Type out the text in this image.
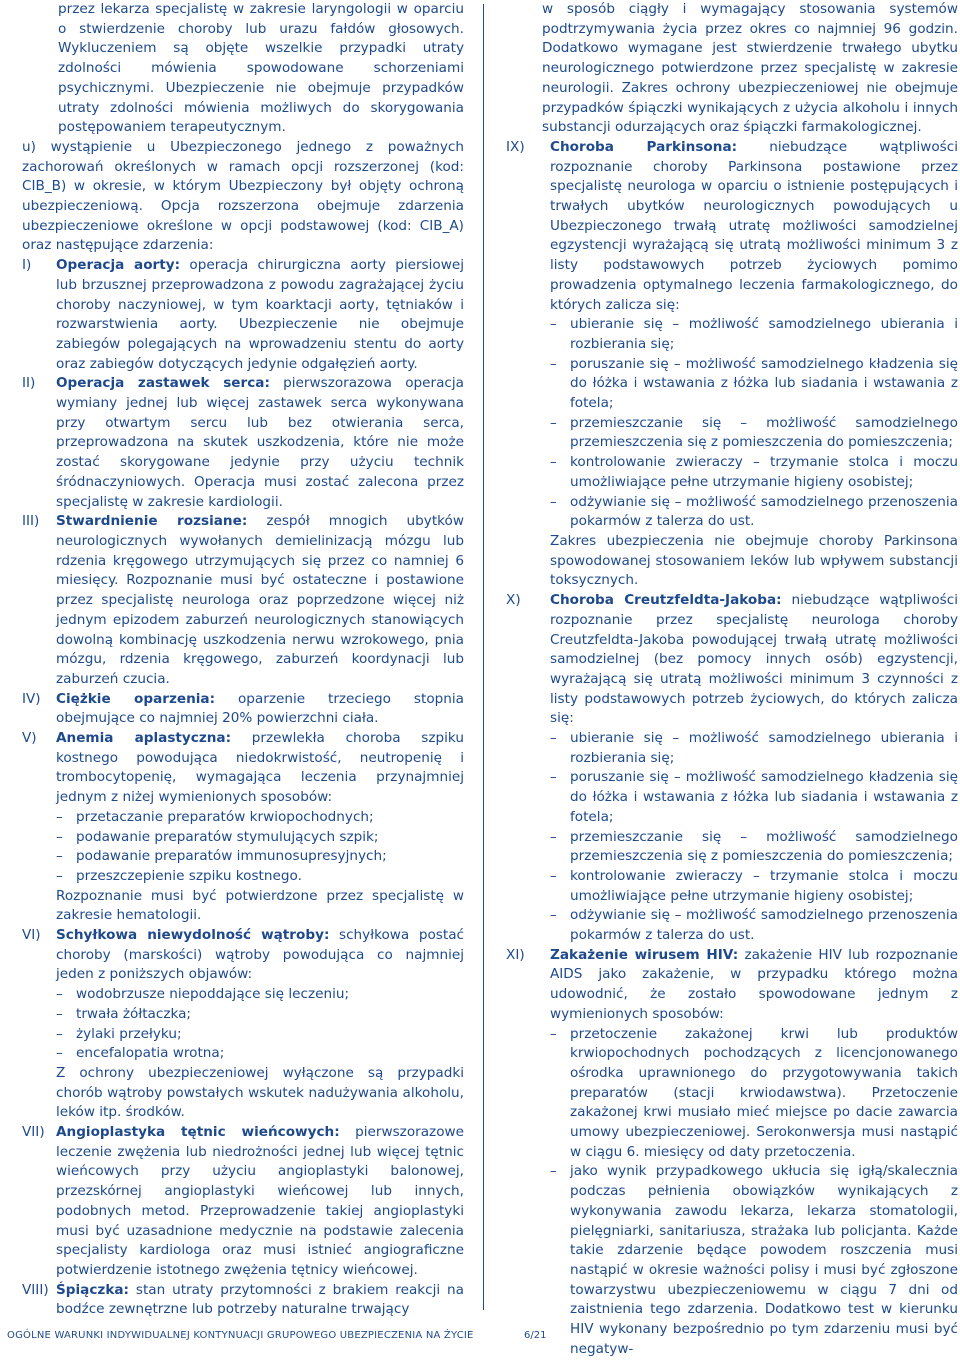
przez lekarza specjalistę w zakresie laryngologii w oparciu o stwierdzenie choroby lub urazu fałdów głosowych. Wykluczeniem są objęte wszelkie przypadki utraty zdolności mówienia spowodowane schorzeniami psychicznymi. Ubezpieczenie nie obejmuje przypadków utraty zdolności mówienia możliwych do skorygowania postępowaniem terapeutycznym.

u) wystąpienie u Ubezpieczonego jednego z poważnych zachorowań określonych w ramach opcji rozszerzonej (kod: CIB_B) w okresie, w którym Ubezpieczony był objęty ochroną ubezpieczeniową. Opcja rozszerzona obejmuje zdarzenia ubezpieczeniowe określone w opcji podstawowej (kod: CIB_A) oraz następujące zdarzenia:

I) Operacja aorty: operacja chirurgiczna aorty piersiowej lub brzusznej przeprowadzona z powodu zagrażającej życiu choroby naczyniowej, w tym koarktacji aorty, tętniaków i rozwarstwienia aorty. Ubezpieczenie nie obejmuje zabiegów polegających na wprowadzeniu stentu do aorty oraz zabiegów dotyczących jedynie odgałęzień aorty.

II) Operacja zastawek serca: pierwszorazowa operacja wymiany jednej lub więcej zastawek serca wykonywana przy otwartym sercu lub bez otwierania serca, przeprowadzona na skutek uszkodzenia, które nie może zostać skorygowane jedynie przy użyciu technik śródnaczyniowych. Operacja musi zostać zalecona przez specjalistę w zakresie kardiologii.

III) Stwardnienie rozsiane: zespół mnogich ubytków neurologicznych wywołanych demielinizacją mózgu lub rdzenia kręgowego utrzymujących się przez co namniej 6 miesięcy. Rozpoznanie musi być ostateczne i postawione przez specjalistę neurologa oraz poprzedzone więcej niż jednym epizodem zaburzeń neurologicznych stanowiących dowolną kombinację uszkodzenia nerwu wzrokowego, pnia mózgu, rdzenia kręgowego, zaburzeń koordynacji lub zaburzeń czucia.

IV) Ciężkie oparzenia: oparzenie trzeciego stopnia obejmujące co najmniej 20% powierzchni ciała.

V) Anemia aplastyczna: przewlekła choroba szpiku kostnego powodująca niedokrwistość, neutropenię i trombocytopenię, wymagająca leczenia przynajmniej jednym z niżej wymienionych sposobów:

– przetaczanie preparatów krwiopochodnych;
– podawanie preparatów stymulujących szpik;
– podawanie preparatów immunosupresyjnych;
– przeszczepienie szpiku kostnego.

Rozpoznanie musi być potwierdzone przez specjalistę w zakresie hematologii.

VI) Schyłkowa niewydolność wątroby: schyłkowa postać choroby (marskości) wątroby powodująca co najmniej jeden z poniższych objawów:

– wodobrzusze niepoddające się leczeniu;
– trwała żółtaczka;
– żylaki przełyku;
– encefalopatia wrotna;

Z ochrony ubezpieczeniowej wyłączone są przypadki chorób wątroby powstałych wskutek nadużywania alkoholu, leków itp. środków.

VII) Angioplastyka tętnic wieńcowych: pierwszorazowe leczenie zwężenia lub niedrożności jednej lub więcej tętnic wieńcowych przy użyciu angioplastyki balonowej, przezskórnej angioplastyki wieńcowej lub innych, podobnych metod. Przeprowadzenie takiej angioplastyki musi być uzasadnione medycznie na podstawie zalecenia specjalisty kardiologa oraz musi istnieć angiograficzne potwierdzenie istotnego zwężenia tętnicy wieńcowej.

VIII) Śpiączka: stan utraty przytomności z brakiem reakcji na bodźce zewnętrzne lub potrzeby naturalne trwający

w sposób ciągły i wymagający stosowania systemów podtrzymywania życia przez okres co najmniej 96 godzin. Dodatkowo wymagane jest stwierdzenie trwałego ubytku neurologicznego potwierdzone przez specjalistę w zakresie neurologii. Zakres ochrony ubezpieczeniowej nie obejmuje przypadków śpiączki wynikających z użycia alkoholu i innych substancji odurzających oraz śpiączki farmakologicznej.

IX) Choroba Parkinsona: niebudzące wątpliwości rozpoznanie choroby Parkinsona postawione przez specjalistę neurologa w oparciu o istnienie postępujących i trwałych ubytków neurologicznych powodujących u Ubezpieczonego trwałą utratę możliwości samodzielnej egzystencji wyrażającą się utratą możliwości minimum 3 z listy podstawowych potrzeb życiowych pomimo prowadzenia optymalnego leczenia farmakologicznego, do których zalicza się:

– ubieranie się – możliwość samodzielnego ubierania i rozbierania się;
– poruszanie się – możliwość samodzielnego kładzenia się do łóżka i wstawania z łóżka lub siadania i wstawania z fotela;
– przemieszczanie się – możliwość samodzielnego przemieszczenia się z pomieszczenia do pomieszczenia;
– kontrolowanie zwieraczy – trzymanie stolca i moczu umożliwiające pełne utrzymanie higieny osobistej;
– odżywianie się – możliwość samodzielnego przenoszenia pokarmów z talerza do ust.

Zakres ubezpieczenia nie obejmuje choroby Parkinsona spowodowanej stosowaniem leków lub wpływem substancji toksycznych.

X) Choroba Creutzfeldta-Jakoba: niebudzące wątpliwości rozpoznanie przez specjalistę neurologa choroby Creutzfeldta-Jakoba powodującej trwałą utratę możliwości samodzielnej (bez pomocy innych osób) egzystencji, wyrażającą się utratą możliwości minimum 3 czynności z listy podstawowych potrzeb życiowych, do których zalicza się:

– ubieranie się – możliwość samodzielnego ubierania i rozbierania się;
– poruszanie się – możliwość samodzielnego kładzenia się do łóżka i wstawania z łóżka lub siadania i wstawania z fotela;
– przemieszczanie się – możliwość samodzielnego przemieszczenia się z pomieszczenia do pomieszczenia;
– kontrolowanie zwieraczy – trzymanie stolca i moczu umożliwiające pełne utrzymanie higieny osobistej;
– odżywianie się – możliwość samodzielnego przenoszenia pokarmów z talerza do ust.
XI) Zakażenie wirusem HIV: zakażenie HIV lub rozpoznanie AIDS jako zakażenie, w przypadku którego można udowodnić, że zostało spowodowane jednym z wymienionych sposobów:

– przetoczenie zakażonej krwi lub produktów krwiopochodnych pochodzących z licencjonowanego ośrodka uprawnionego do przygotowywania takich preparatów (stacji krwiodawstwa). Przetoczenie zakażonej krwi musiało mieć miejsce po dacie zawarcia umowy ubezpieczeniowej. Serokonwersja musi nastąpić w ciągu 6. miesięcy od daty przetoczenia.
– jako wynik przypadkowego ukłucia się igłą/skalecznia podczas pełnienia obowiązków wynikających z wykonywania zawodu lekarza, lekarza stomatologii, pielęgniarki, sanitariusza, strażaka lub policjanta. Każde takie zdarzenie będące powodem roszczenia musi nastąpić w okresie ważności polisy i musi być zgłoszone towarzystwu ubezpieczeniowemu w ciągu 7 dni od zaistnienia tego zdarzenia. Dodatkowo test w kierunku HIV wykonany bezpośrednio po tym zdarzeniu musi być negatyw-
OGÓLNE WARUNKI INDYWIDUALNEJ KONTYNUACJI GRUPOWEGO UBEZPIECZENIA NA ŻYCIE	6/21
